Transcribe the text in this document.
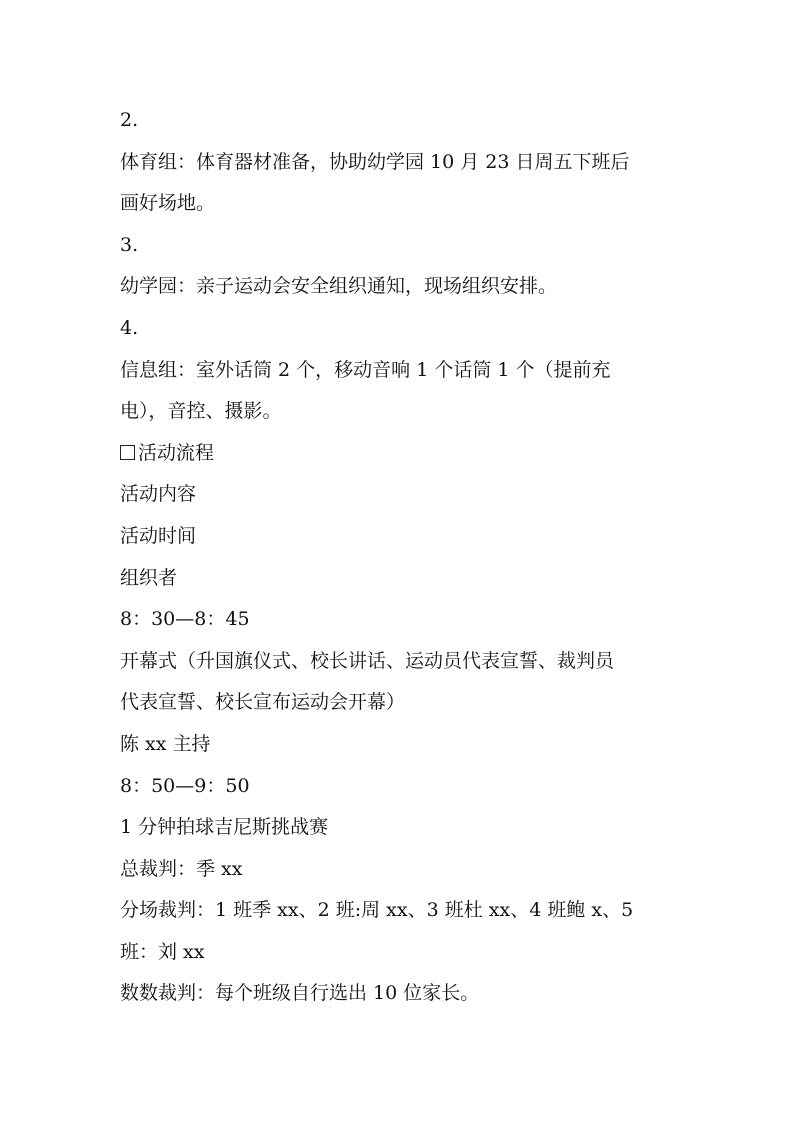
2.
体育组：体育器材准备，协助幼学园 10 月 23 日周五下班后
画好场地。
3.
幼学园：亲子运动会安全组织通知，现场组织安排。
4.
信息组：室外话筒 2 个，移动音响 1 个话筒 1 个（提前充
电），音控、摄影。
活动流程
活动内容
活动时间
组织者
8：30—8：45
开幕式（升国旗仪式、校长讲话、运动员代表宣誓、裁判员
代表宣誓、校长宣布运动会开幕）
陈 xx 主持
8：50—9：50
1 分钟拍球吉尼斯挑战赛
总裁判：季 xx
分场裁判：1 班季 xx、2 班:周 xx、3 班杜 xx、4 班鲍 x、5
班：刘 xx
数数裁判：每个班级自行选出 10 位家长。
